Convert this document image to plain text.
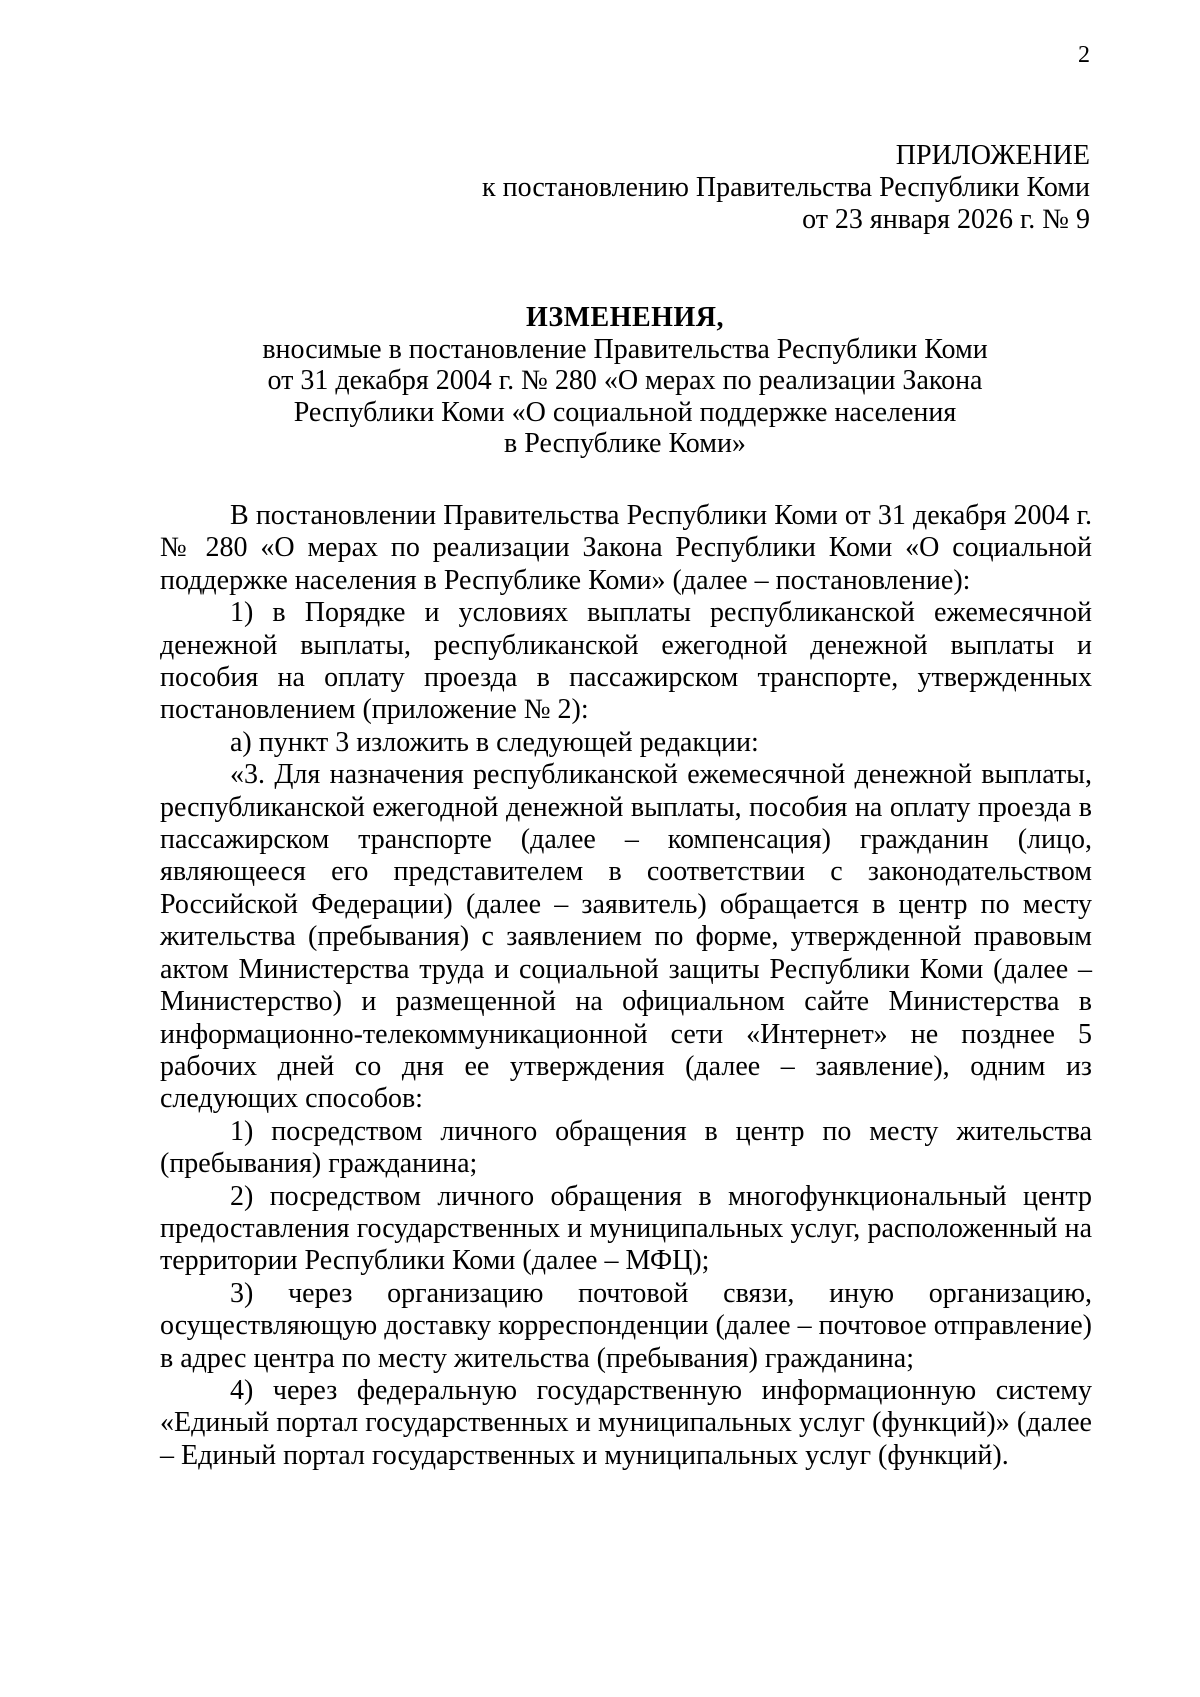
2
ПРИЛОЖЕНИЕ
к постановлению Правительства Республики Коми
от 23 января 2026 г. № 9
ИЗМЕНЕНИЯ,
вносимые в постановление Правительства Республики Коми
от 31 декабря 2004 г. № 280 «О мерах по реализации Закона
Республики Коми «О социальной поддержке населения
в Республике Коми»

В постановлении Правительства Республики Коми от 31 декабря 2004 г. № 280 «О мерах по реализации Закона Республики Коми «О социальной поддержке населения в Республике Коми» (далее – постановление):

1) в Порядке и условиях выплаты республиканской ежемесячной денежной выплаты, республиканской ежегодной денежной выплаты и пособия на оплату проезда в пассажирском транспорте, утвержденных постановлением (приложение № 2):

а) пункт 3 изложить в следующей редакции:

«3. Для назначения республиканской ежемесячной денежной выплаты, республиканской ежегодной денежной выплаты, пособия на оплату проезда в пассажирском транспорте (далее – компенсация) гражданин (лицо, являющееся его представителем в соответствии с законодательством Российской Федерации) (далее – заявитель) обращается в центр по месту жительства (пребывания) с заявлением по форме, утвержденной правовым актом Министерства труда и социальной защиты Республики Коми (далее – Министерство) и размещенной на официальном сайте Министерства в информационно-телекоммуникационной сети «Интернет» не позднее 5 рабочих дней со дня ее утверждения (далее – заявление), одним из следующих способов:

1) посредством личного обращения в центр по месту жительства (пребывания) гражданина;

2) посредством личного обращения в многофункциональный центр предоставления государственных и муниципальных услуг, расположенный на территории Республики Коми (далее – МФЦ);

3) через организацию почтовой связи, иную организацию, осуществляющую доставку корреспонденции (далее – почтовое отправление) в адрес центра по месту жительства (пребывания) гражданина;

4) через федеральную государственную информационную систему «Единый портал государственных и муниципальных услуг (функций)» (далее – Единый портал государственных и муниципальных услуг (функций).
